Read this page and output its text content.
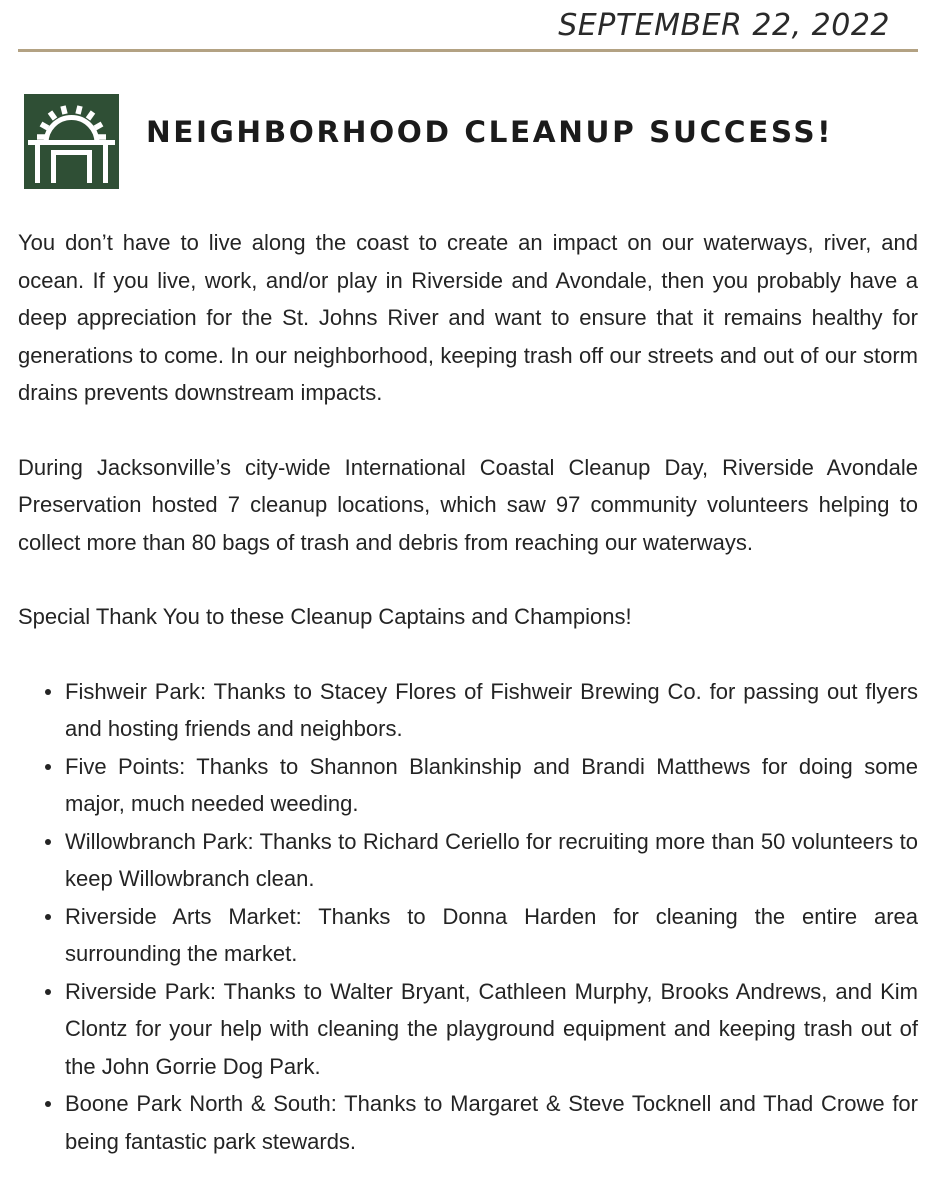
SEPTEMBER 22, 2022
NEIGHBORHOOD CLEANUP SUCCESS!

You don’t have to live along the coast to create an impact on our waterways, river, and ocean. If you live, work, and/or play in Riverside and Avondale, then you probably have a deep appreciation for the St. Johns River and want to ensure that it remains healthy for generations to come. In our neighborhood, keeping trash off our streets and out of our storm drains prevents downstream impacts.

During Jacksonville’s city-wide International Coastal Cleanup Day, Riverside Avondale Preservation hosted 7 cleanup locations, which saw 97 community volunteers helping to collect more than 80 bags of trash and debris from reaching our waterways.

Special Thank You to these Cleanup Captains and Champions!

Fishweir Park: Thanks to Stacey Flores of Fishweir Brewing Co. for passing out flyers and hosting friends and neighbors.
Five Points: Thanks to Shannon Blankinship and Brandi Matthews for doing some major, much needed weeding.
Willowbranch Park: Thanks to Richard Ceriello for recruiting more than 50 volunteers to keep Willowbranch clean.
Riverside Arts Market: Thanks to Donna Harden for cleaning the entire area surrounding the market.
Riverside Park: Thanks to Walter Bryant, Cathleen Murphy, Brooks Andrews, and Kim Clontz for your help with cleaning the playground equipment and keeping trash out of the John Gorrie Dog Park.
Boone Park North & South: Thanks to Margaret & Steve Tocknell and Thad Crowe for being fantastic park stewards.
